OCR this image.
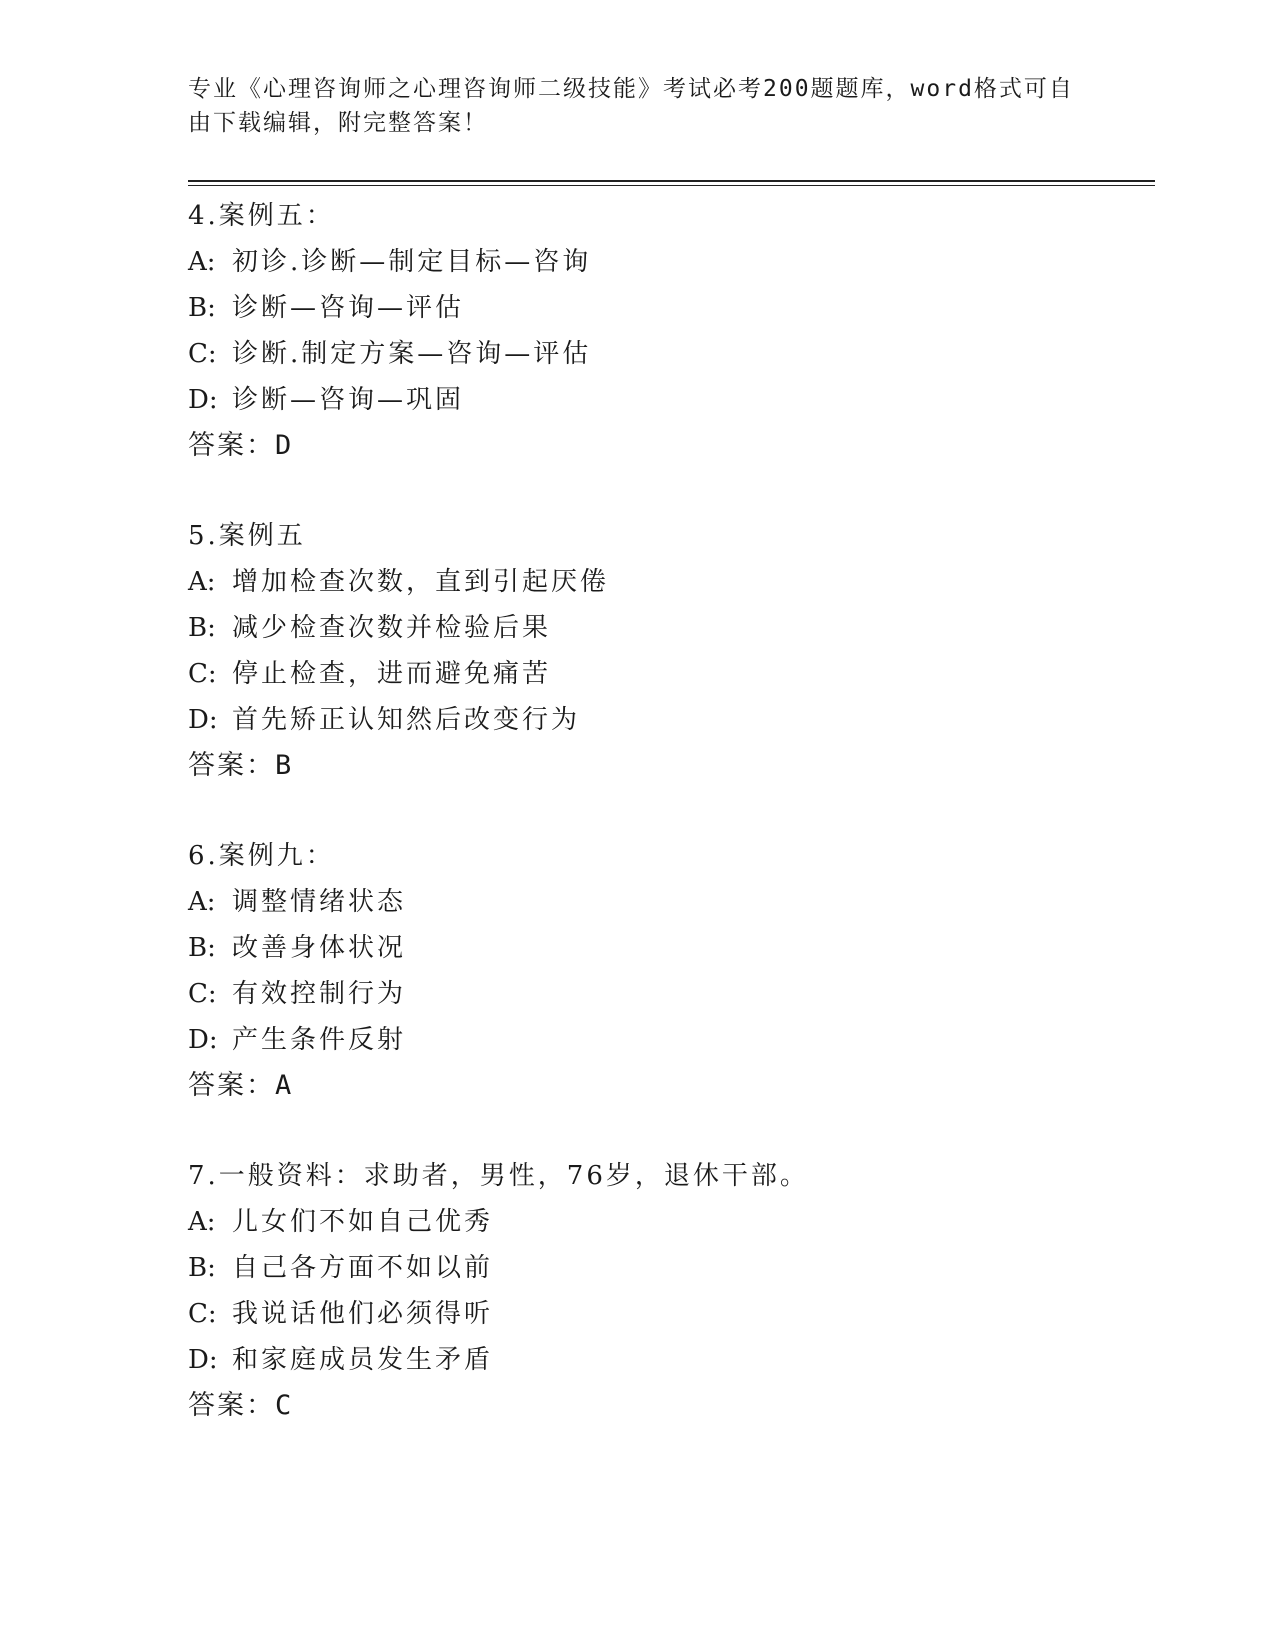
专业《心理咨询师之心理咨询师二级技能》考试必考200题题库，word格式可自
由下载编辑，附完整答案！
4.案例五：
A: 初诊.诊断—制定目标—咨询
B: 诊断—咨询—评估
C: 诊断.制定方案—咨询—评估
D: 诊断—咨询—巩固
答案：D
5.案例五
A: 增加检查次数，直到引起厌倦
B: 减少检查次数并检验后果
C: 停止检查，进而避免痛苦
D: 首先矫正认知然后改变行为
答案：B
6.案例九：
A: 调整情绪状态
B: 改善身体状况
C: 有效控制行为
D: 产生条件反射
答案：A
7.一般资料：求助者，男性，76岁，退休干部。
A: 儿女们不如自己优秀
B: 自己各方面不如以前
C: 我说话他们必须得听
D: 和家庭成员发生矛盾
答案：C
